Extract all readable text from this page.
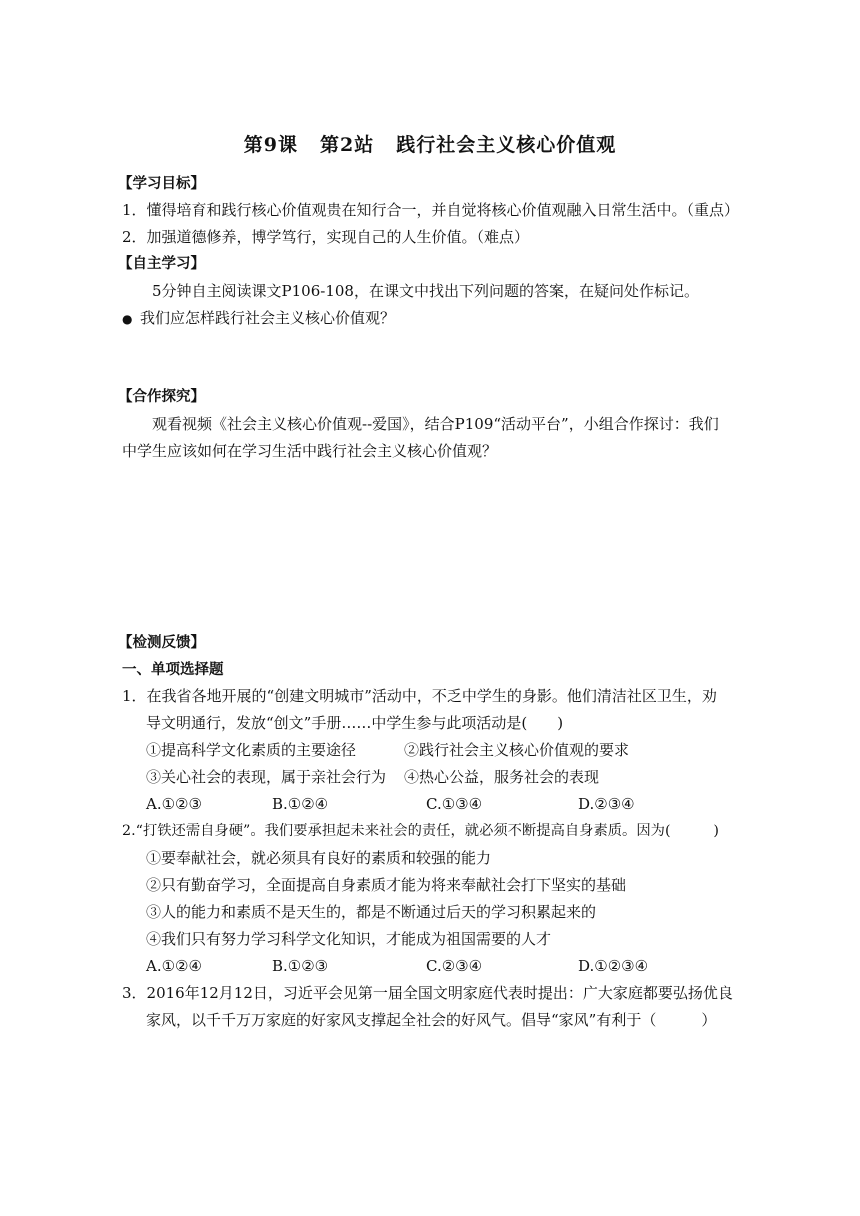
第9课 第2站 践行社会主义核心价值观
【学习目标】
1．懂得培育和践行核心价值观贵在知行合一，并自觉将核心价值观融入日常生活中。（重点）
2．加强道德修养，博学笃行，实现自己的人生价值。（难点）
【自主学习】
5分钟自主阅读课文P106-108，在课文中找出下列问题的答案，在疑问处作标记。
● 我们应怎样践行社会主义核心价值观？
【合作探究】
观看视频《社会主义核心价值观--爱国》，结合P109“活动平台”，小组合作探讨：我们
中学生应该如何在学习生活中践行社会主义核心价值观？
【检测反馈】
一、单项选择题
1．在我省各地开展的“创建文明城市”活动中，不乏中学生的身影。他们清洁社区卫生，劝
导文明通行，发放“创文”手册……中学生参与此项活动是(　　)
①提高科学文化素质的主要途径	②践行社会主义核心价值观的要求
③关心社会的表现，属于亲社会行为 ④热心公益，服务社会的表现
A.①②③	B.①②④	C.①③④	D.②③④
2.“打铁还需自身硬”。我们要承担起未来社会的责任，就必须不断提高自身素质。因为(　　　)
①要奉献社会，就必须具有良好的素质和较强的能力
②只有勤奋学习，全面提高自身素质才能为将来奉献社会打下坚实的基础
③人的能力和素质不是天生的，都是不断通过后天的学习积累起来的
④我们只有努力学习科学文化知识，才能成为祖国需要的人才
A.①②④	B.①②③	C.②③④	D.①②③④
3．2016年12月12日，习近平会见第一届全国文明家庭代表时提出：广大家庭都要弘扬优良
家风，以千千万万家庭的好家风支撑起全社会的好风气。倡导“家风”有利于（　　　）
